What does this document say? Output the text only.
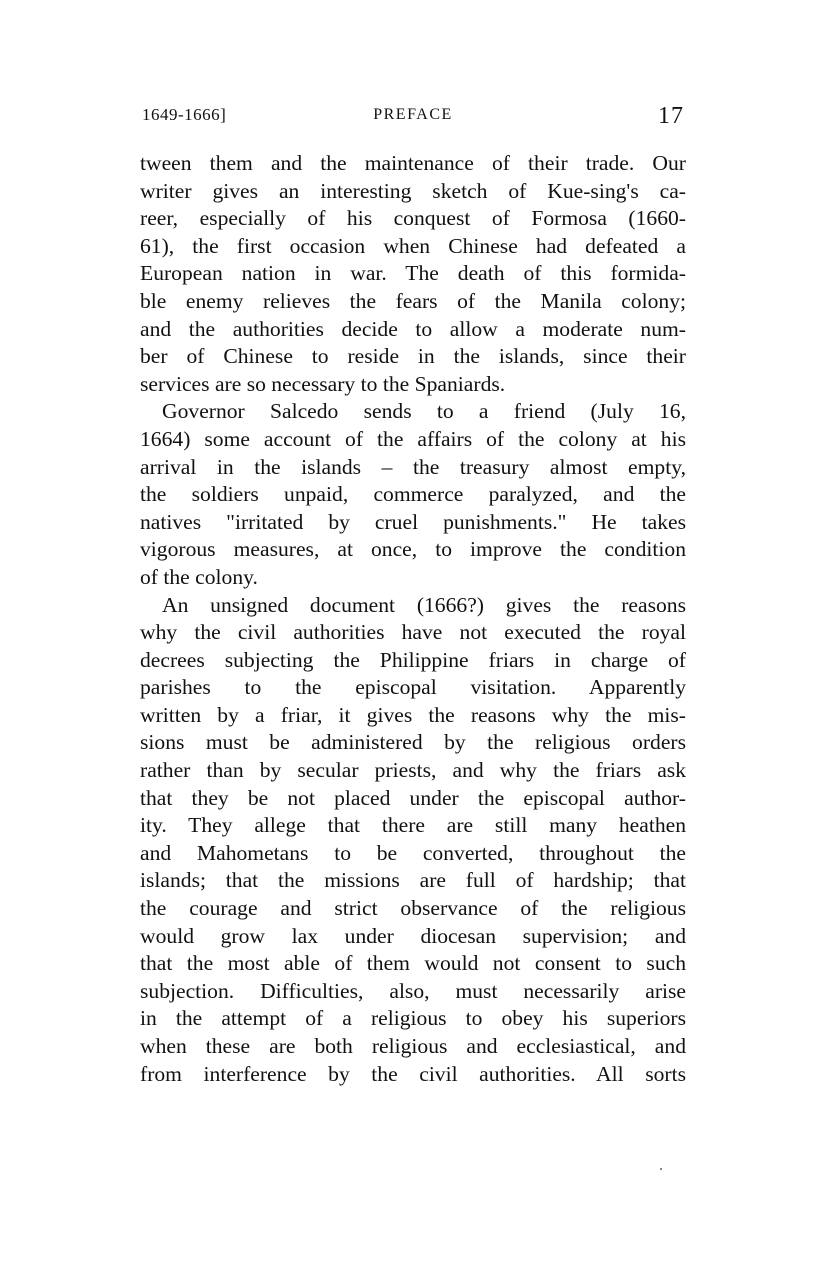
1649-1666]	PREFACE	17
tween them and the maintenance of their trade. Our
writer gives an interesting sketch of Kue-sing's ca-
reer, especially of his conquest of Formosa (1660-
61), the first occasion when Chinese had defeated a
European nation in war. The death of this formida-
ble enemy relieves the fears of the Manila colony;
and the authorities decide to allow a moderate num-
ber of Chinese to reside in the islands, since their
services are so necessary to the Spaniards.
Governor Salcedo sends to a friend (July 16,
1664) some account of the affairs of the colony at his
arrival in the islands – the treasury almost empty,
the soldiers unpaid, commerce paralyzed, and the
natives "irritated by cruel punishments." He takes
vigorous measures, at once, to improve the condition
of the colony.
An unsigned document (1666?) gives the reasons
why the civil authorities have not executed the royal
decrees subjecting the Philippine friars in charge of
parishes to the episcopal visitation. Apparently
written by a friar, it gives the reasons why the mis-
sions must be administered by the religious orders
rather than by secular priests, and why the friars ask
that they be not placed under the episcopal author-
ity. They allege that there are still many heathen
and Mahometans to be converted, throughout the
islands; that the missions are full of hardship; that
the courage and strict observance of the religious
would grow lax under diocesan supervision; and
that the most able of them would not consent to such
subjection. Difficulties, also, must necessarily arise
in the attempt of a religious to obey his superiors
when these are both religious and ecclesiastical, and
from interference by the civil authorities. All sorts
